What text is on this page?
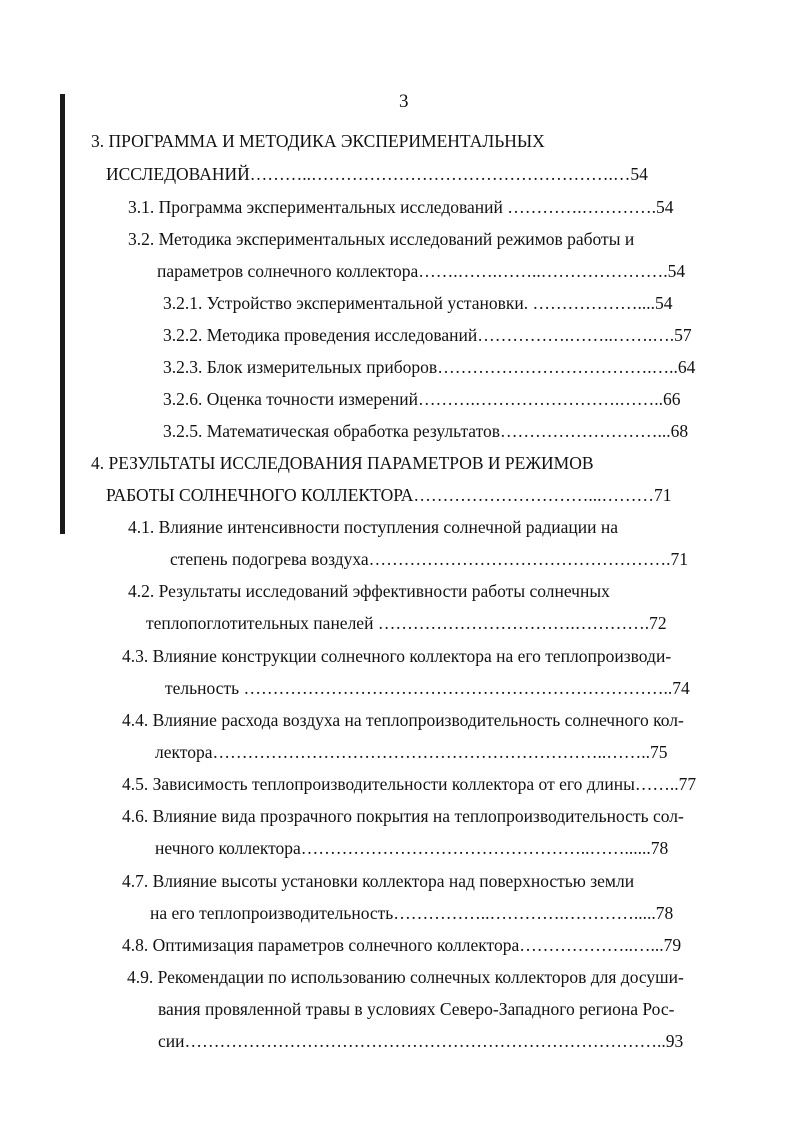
3
3. ПРОГРАММА И МЕТОДИКА ЭКСПЕРИМЕНТАЛЬНЫХ
ИССЛЕДОВАНИЙ………..…………………………………………….…54
3.1. Программа экспериментальных исследований ………….………….54
3.2. Методика экспериментальных исследований режимов работы и
параметров солнечного коллектора…….…….……..………………….54
3.2.1. Устройство экспериментальной установки. ………………....54
3.2.2. Методика проведения исследований…………….……..…….….57
3.2.3. Блок измерительных приборов……………………………….…..64
3.2.6. Оценка точности измерений……….…………………….……..66
3.2.5. Математическая обработка результатов………………………...68
4. РЕЗУЛЬТАТЫ ИССЛЕДОВАНИЯ ПАРАМЕТРОВ И РЕЖИМОВ
РАБОТЫ СОЛНЕЧНОГО КОЛЛЕКТОРА…………………………...………71
4.1. Влияние интенсивности поступления солнечной радиации на
степень подогрева воздуха…………………………………………….71
4.2. Результаты исследований эффективности работы солнечных
теплопоглотительных панелей …………………………….………….72
4.3. Влияние конструкции солнечного коллектора на его теплопроизводи-
тельность ………………………………………………………………..74
4.4. Влияние расхода воздуха на теплопроизводительность солнечного кол-
лектора…………………………………………………………..……..75
4.5. Зависимость теплопроизводительности коллектора от его длины……..77
4.6. Влияние вида прозрачного покрытия на теплопроизводительность сол-
нечного коллектора…………………………………………..……......78
4.7. Влияние высоты установки коллектора над поверхностью земли
на его теплопроизводительность……………..………….………….....78
4.8. Оптимизация параметров солнечного коллектора………………..…...79
4.9. Рекомендации по использованию солнечных коллекторов для досуши-
вания провяленной травы в условиях Северо-Западного региона Рос-
сии………………………………………………………………………..93
